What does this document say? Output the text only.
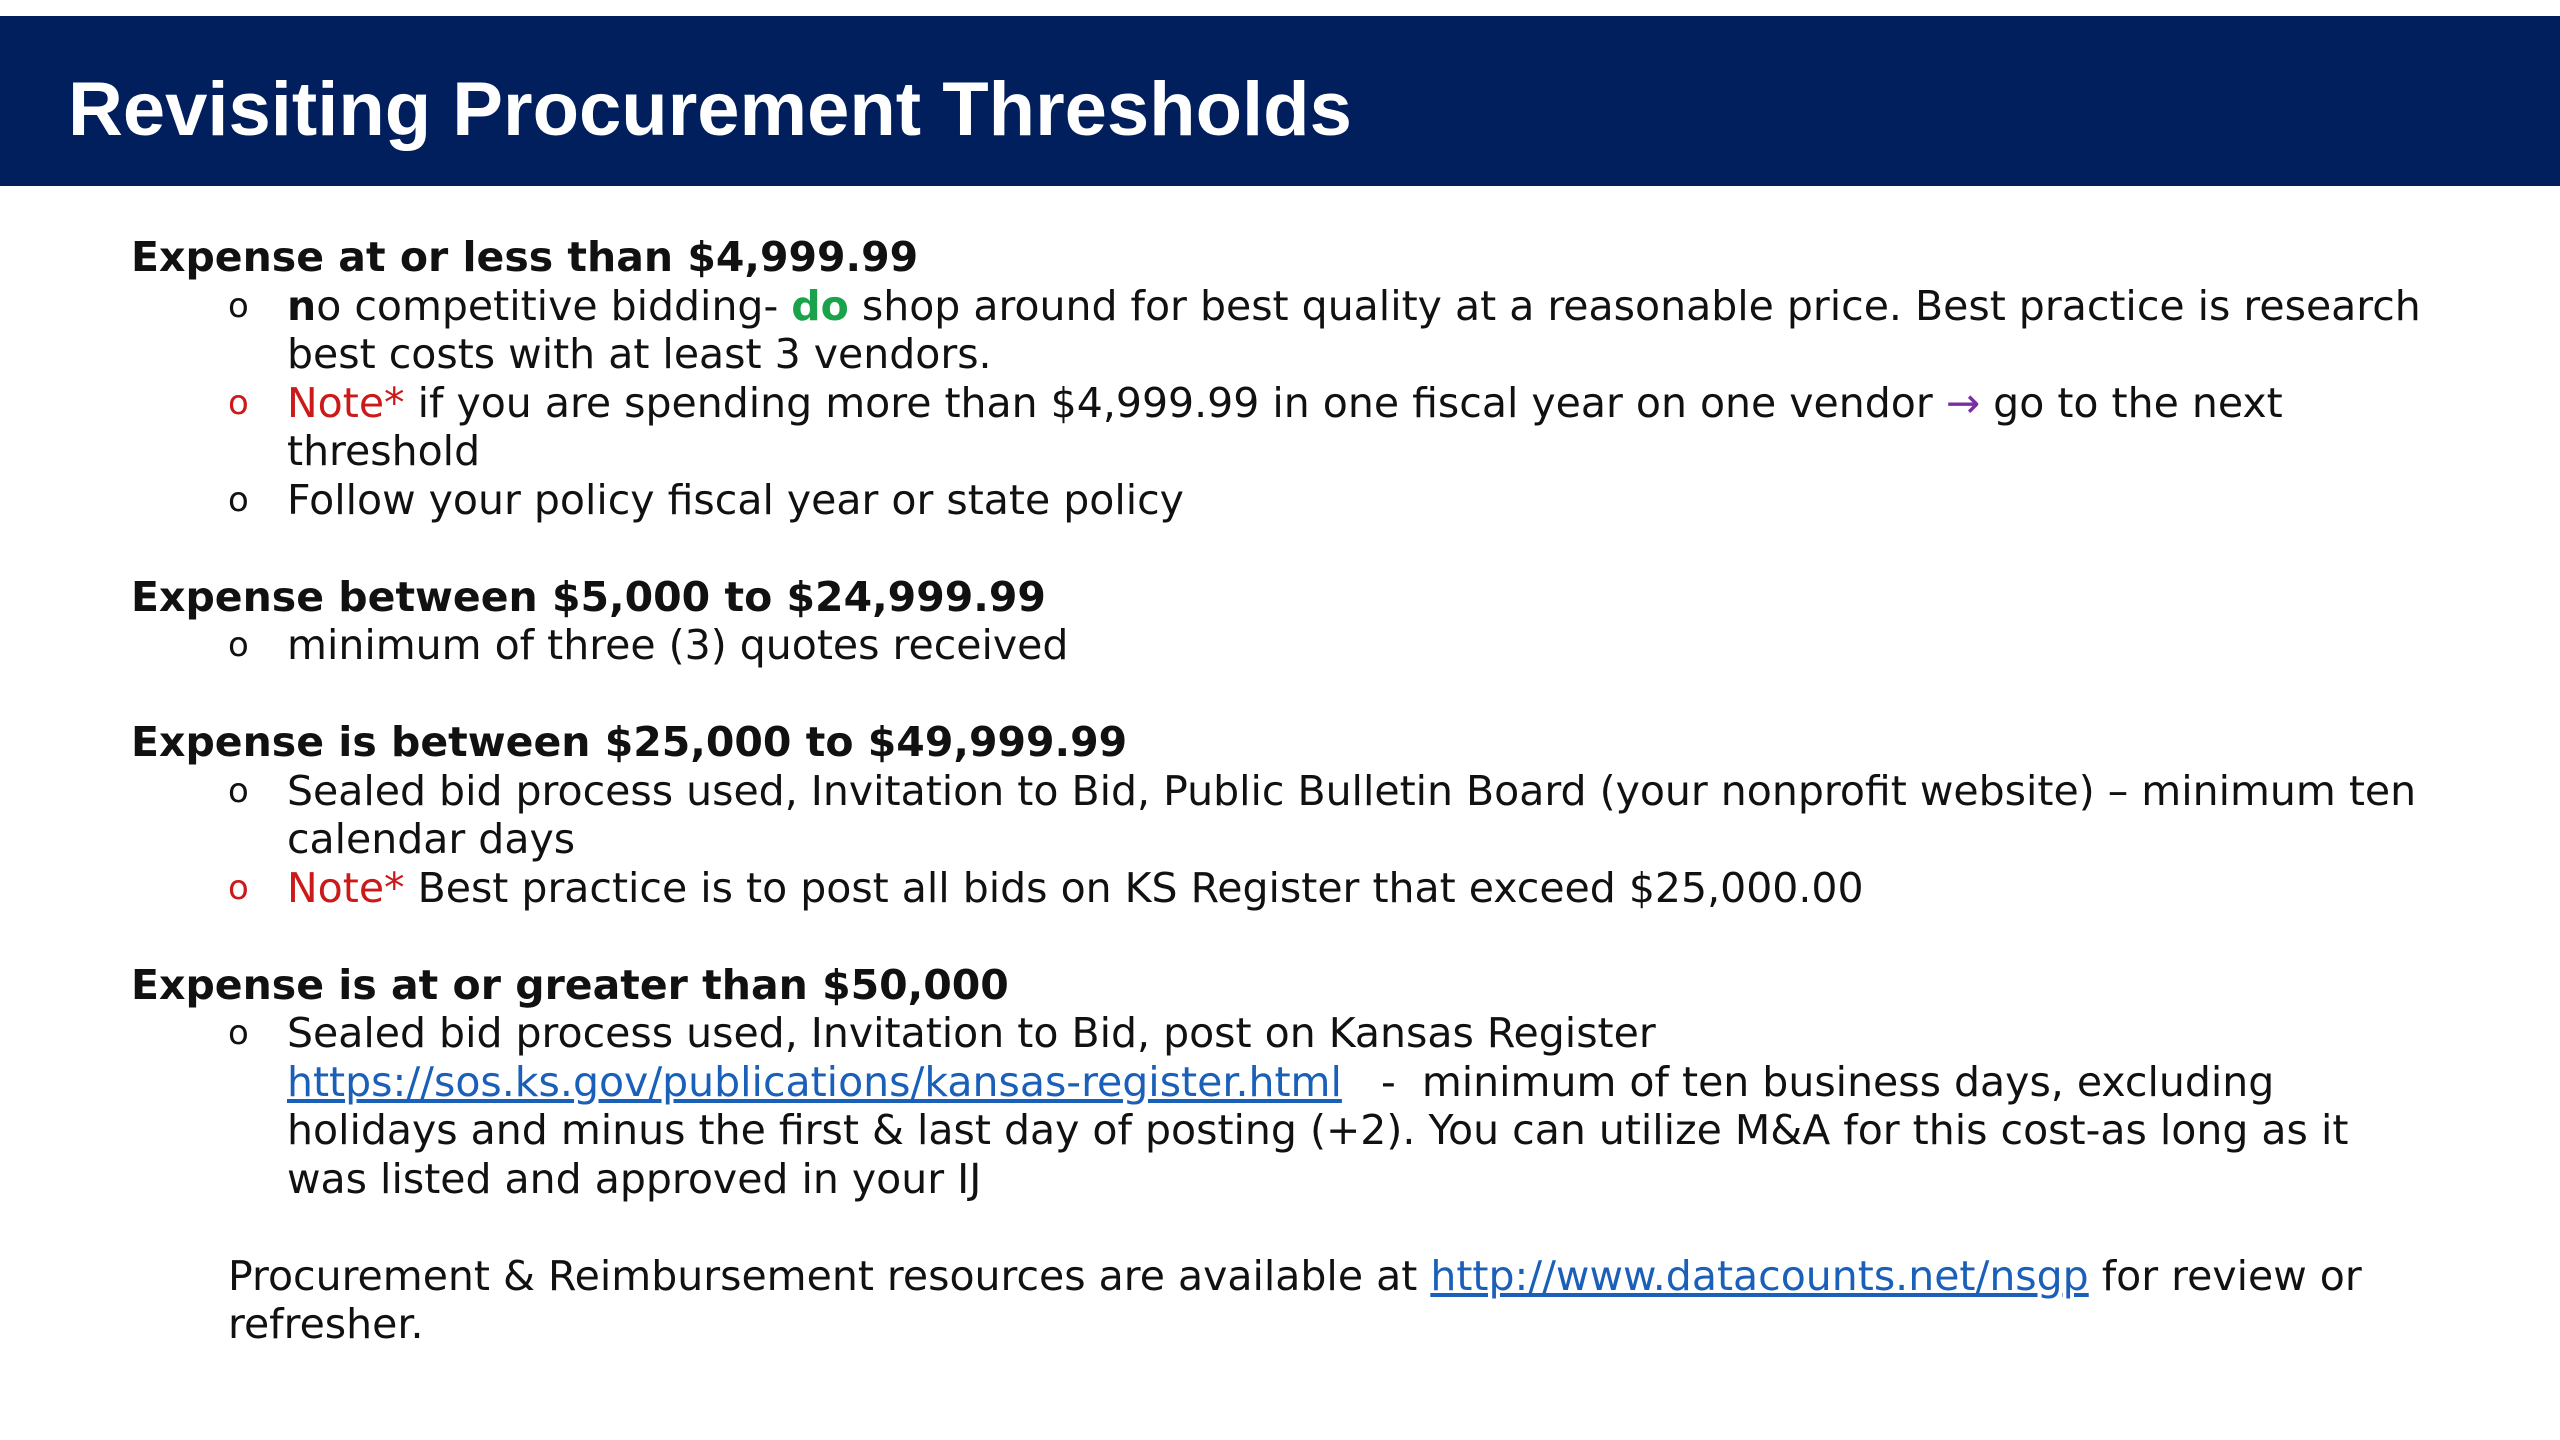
Revisiting Procurement Thresholds

Expense at or less than $4,999.99

o no competitive bidding- do shop around for best quality at a reasonable price. Best practice is research best costs with at least 3 vendors.
o Note* if you are spending more than $4,999.99 in one fiscal year on one vendor → go to the next threshold
o Follow your policy fiscal year or state policy

Expense between $5,000 to $24,999.99

o minimum of three (3) quotes received

Expense is between $25,000 to $49,999.99

o Sealed bid process used, Invitation to Bid, Public Bulletin Board (your nonprofit website) – minimum ten calendar days
o Note* Best practice is to post all bids on KS Register that exceed $25,000.00

Expense is at or greater than $50,000

o Sealed bid process used, Invitation to Bid, post on Kansas Register https://sos.ks.gov/publications/kansas-register.html   -  minimum of ten business days, excluding holidays and minus the first & last day of posting (+2). You can utilize M&A for this cost-as long as it was listed and approved in your IJ

Procurement & Reimbursement resources are available at http://www.datacounts.net/nsgp for review or refresher.
